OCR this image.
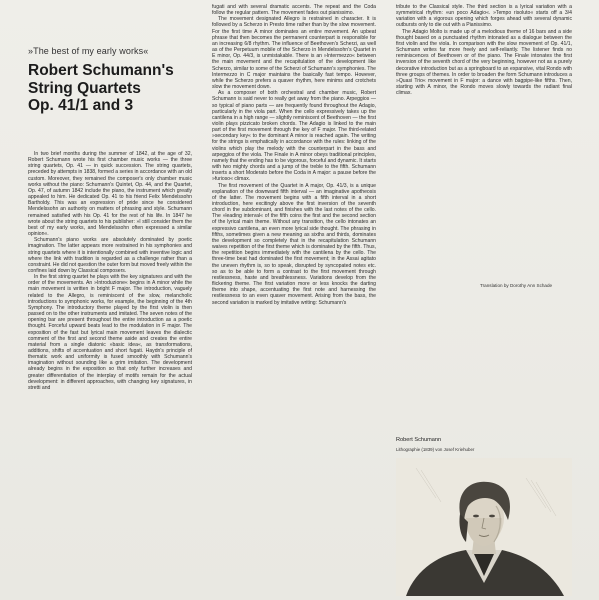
»The best of my early works«
Robert Schumann's
String Quartets
Op. 41/1 and 3

In two brief months during the summer of 1842, at the age of 32, Robert Schumann wrote his first chamber music works — the three string quartets, Op. 41 — in quick succession. The string quartets, preceded by attempts in 1838, formed a series in accordance with an old custom. Moreover, they remained the composer's only chamber music works without the piano: Schumann's Quintet, Op. 44, and the Quartet, Op. 47, of autumn 1842 include the piano, the instrument which greatly appealed to him. He dedicated Op. 41 to his friend Felix Mendelssohn Bartholdy. This was an expression of pride since he considered Mendelssohn an authority on matters of phrasing and style. Schumann remained satisfied with his Op. 41 for the rest of his life. In 1847 he wrote about the string quartets to his publisher: »I still consider them the best of my early works, and Mendelssohn often expressed a similar opinion«.

Schumann's piano works are absolutely dominated by poetic imagination. The latter appears more restrained in his symphonies and string quartets where it is intentionally combined with inventive logic and where the link with tradition is regarded as a challenge rather than a constraint. He did not question the outer form but moved freely within the confines laid down by Classical composers.

In the first string quartet he plays with the key signatures and with the order of the movements. An »Introduzione« begins in A minor while the main movement is written in bright F major. The introduction, vaguely related to the Allegro, is reminiscent of the slow, melancholic introductions to symphonic works, for example, the beginning of the 4th Symphony. The introductory theme played by the first violin is then passed on to the other instruments and imitated. The seven notes of the opening bar are present throughout the entire introduction as a poetic thought. Forceful upward beats lead to the modulation in F major. The exposition of the fast but lyrical main movement leaves the dialectic comment of the first and second theme aside and creates the entire material from a single diatonic »basic idea«, as transformations, additions, shifts of accentuation and short fugati. Haydn's principle of thematic work and uniformity is fused smoothly with Schumann's imagination without sounding like a grim imitation. The development already begins in the exposition so that only further increases and greater differentiation of the interplay of motifs remain for the actual development: in different approaches, with changing key signatures, in stretti and

fugati and with several dramatic accents. The repeat and the Coda follow the regular pattern. The movement fades out pianissimo.

The movement designated Allegro is restrained in character. It is followed by a Scherzo in Presto time rather than by the slow movement. For the first time A minor dominates an entire movement. An upbeat phrase that then becomes the permanent counterpart is responsible for an increasing 6/8 rhythm. The influence of Beethoven's Scherzi, as well as of the Perpetuum mobile of the Scherzo in Mendelssohn's Quartet in E minor, Op. 44/3, is unmistakable. There is an »Intermezzo« between the main movement and the recapitulation of the development like Scherzo, similar to some of the Scherzi of Schumann's symphonies. The Intermezzo in C major maintains the basically fast tempo. However, while the Scherzo prefers a quaver rhythm, here minims and crotchets slow the movement down.

As a composer of both orchestral and chamber music, Robert Schumann is said never to really get away from the piano. Arpeggios — so typical of piano parts — are frequently found throughout the Adagio, particularly in the viola part. When the cello expressively takes up the cantilena in a high range — slightly reminiscent of Beethoven — the first violin plays pizzicato broken chords. The Adagio is linked to the main part of the first movement through the key of F major. The third-related »secondary key« to the dominant A minor is reached again. The writing for the strings is emphatically in accordance with the rules: linking of the violins which play the melody with the counterpart in the bass and arpeggios of the viola. The Finale in A minor obeys traditional principles, namely that the ending has to be vigorous, forceful and dynamic. It starts with two mighty chords and a jump of the treble to the fifth. Schumann inserts a short Moderato before the Coda in A major: a pause before the »furioso« climax.

The first movement of the Quartet in A major, Op. 41/3, is a unique explanation of the downward fifth interval — an imaginative apotheosis of the latter. The movement begins with a fifth interval in a short introduction, here excitingly above the first inversion of the seventh chord in the subdominant, and finishes with the last notes of the cello. The »leading interval« of the fifth coins the first and the second section of the lyrical main theme. Without any transition, the cello intonates an expressivo cantilena, an even more lyrical side thought. The phrasing in fifths, sometimes given a new meaning as sixths and thirds, dominates the development so completely that in the recapitulation Schumann waives repetition of the first theme which is dominated by the fifth. Thus, the repetition begins immediately with the cantilena by the cello. The three-time beat had dominated the first movement; in the Assai agitato the uneven rhythm is, so to speak, disrupted by syncopated notes etc. so as to be able to form a contrast to the first movement through restlessness, haste and breathlessness. Variations develop from the flickering theme. The first variation more or less knocks the darting theme into shape, accentuating the first note and harnessing the restlessness to an even quaver movement. Arising from the bass, the second variation is marked by imitative writing: Schumann's

tribute to the Classical style. The third section is a lyrical variation with a symmetrical rhythm: »un poco Adagio«. »Tempo risoluto« starts off a 3/4 variation with a vigorous opening which forges ahead with several dynamic outbursts only to die out with a Pianissimo.

The Adagio Molto is made up of a melodious theme of 16 bars and a side thought based on a punctuated rhythm intonated as a dialogue between the first violin and the viola. In comparison with the slow movement of Op. 41/1, Schumann writes far more freely and self-reliantly. The listener finds no reminiscences of Beethoven or of the piano. The Finale intonates the first inversion of the seventh chord of the very beginning, however not as a purely decorative introduction but as a springboard to an expansive, vital Rondo with three groups of themes. In order to broaden the form Schumann introduces a »Quasi Trio« movement in F major: a dance with bagpipe-like fifths. Then, starting with A minor, the Rondo moves slowly towards the radiant final climax.

Translation by Dorothy Ann Schade
Robert Schumann
Lithographie (1839) von Josef Kriehuber
